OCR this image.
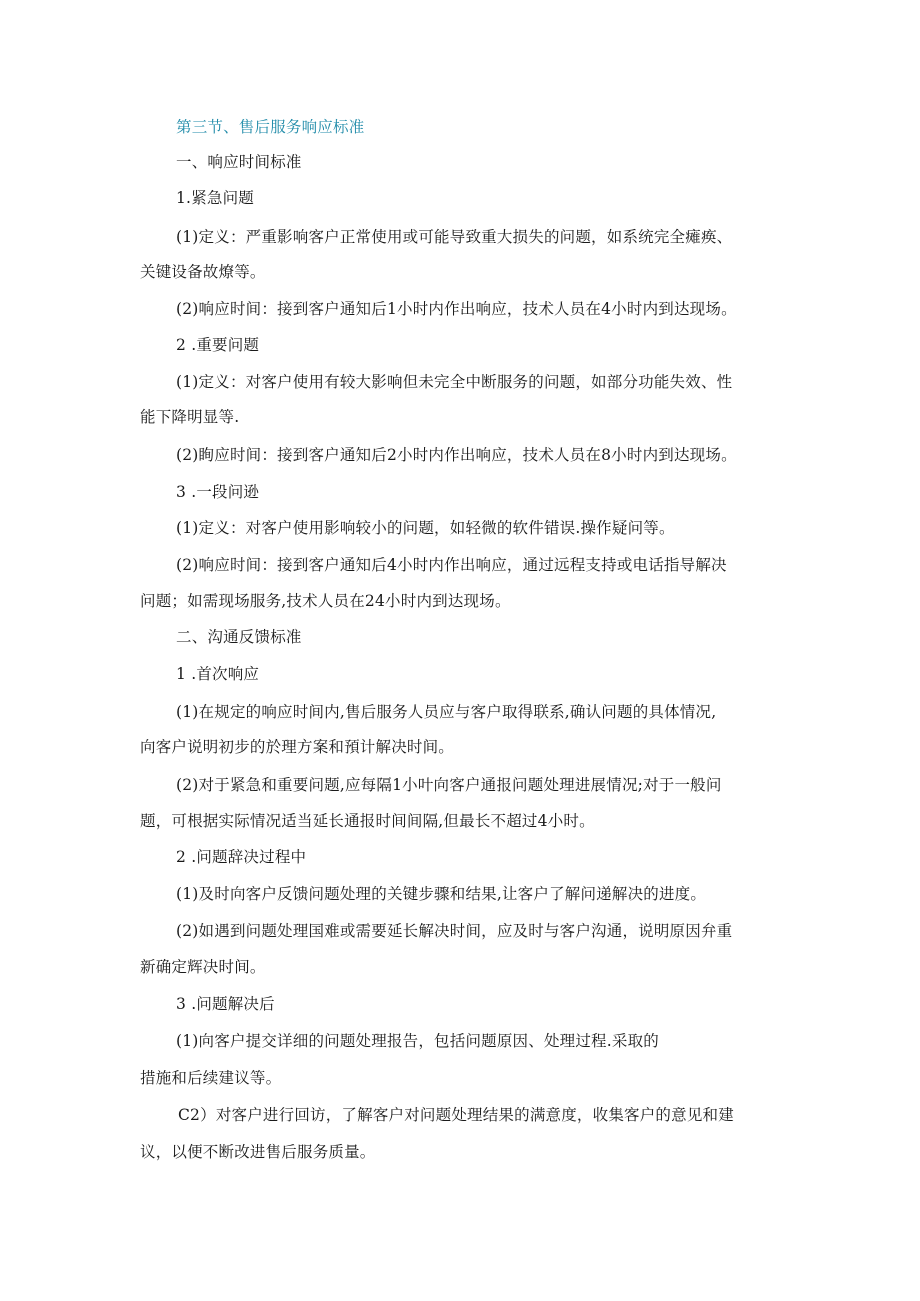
第三节、售后服务响应标准
一、响应时间标准
1.紧急问题
(1)定义：严重影响客户正常使用或可能导致重大损失的问题，如系统完全瘫痪、
关键设备故燎等。
(2)响应时间：接到客户通知后1小时内作出响应，技术人员在4小时内到达现场。
2 .重要问题
(1)定义：对客户使用有较大影响但未完全中断服务的问题，如部分功能失效、性
能下降明显等.
(2)眴应时间：接到客户通知后2小时内作出响应，技术人员在8小时内到达现场。
3 .一段问逊
(1)定义：对客户使用影响较小的问题，如轻微的软件错误.操作疑问等。
(2)响应时间：接到客户通知后4小时内作出响应，通过远程支持或电话指导解决
问题；如需现场服务,技术人员在24小时内到达现场。
二、沟通反馈标准
1 .首次响应
(1)在规定的响应时间内,售后服务人员应与客户取得联系,确认问题的具体情况,
向客户说明初步的於理方案和預计解决时间。
(2)对于紧急和重要问题,应每隔1小叶向客户通报问题处理进展情况;对于一般问
题，可根据实际情况适当延长通报时间间隔,但最长不超过4小时。
2 .问题辞决过程中
(1)及时向客户反馈问题处理的关键步骤和结果,让客户了解问递解决的进度。
(2)如遇到问题处理国难或需要延长解决时间，应及时与客户沟通，说明原因弁重
新确定辉决时间。
3 .问题解决后
(1)向客户提交详细的问题处理报告，包括问题原因、处理过程.采取的
措施和后续建议等。
C2）对客户进行回访，了解客户对问题处理结果的满意度，收集客户的意见和建
议，以便不断改进售后服务质量。
